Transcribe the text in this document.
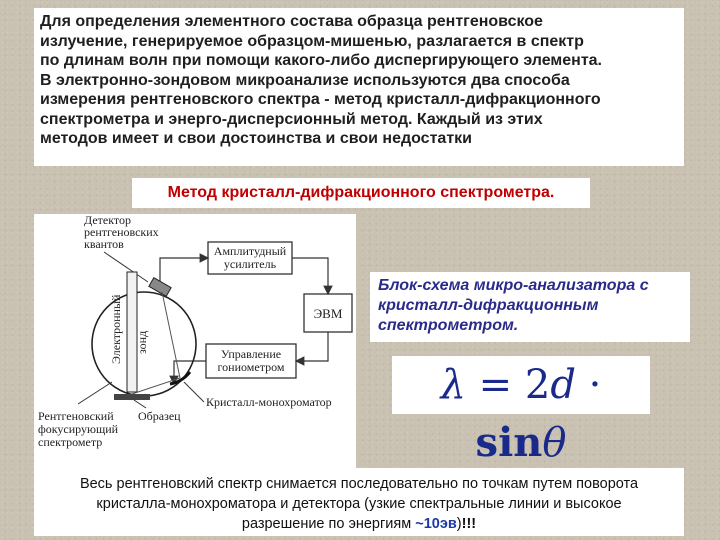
Для определения элементного состава образца рентгеновское
излучение, генерируемое образцом-мишенью, разлагается в спектр
по длинам волн при помощи какого-либо диспергирующего элемента.
В электронно-зондовом микроанализе используются два способа
измерения рентгеновского спектра - метод кристалл-дифракционного
спектрометра и энерго-дисперсионный метод. Каждый из этих
методов имеет и свои достоинства и свои недостатки
Метод кристалл-дифракционного спектрометра.
Детектор
рентгеновских
квантов	Амплитудный
усилитель
ЭВМ
Управление
гониометром
Электронный зонд
Кристалл-монохроматор
Образец
Рентгеновский
фокусирующий
спектрометр
Блок-схема микро-анализатора с
кристалл-дифракционным
спектрометром.
λ = 2d · sinθ
Весь рентгеновский спектр снимается последовательно по точкам путем поворота
кристалла-монохроматора и детектора (узкие спектральные линии и высокое
разрешение по энергиям ~10эв)!!!
